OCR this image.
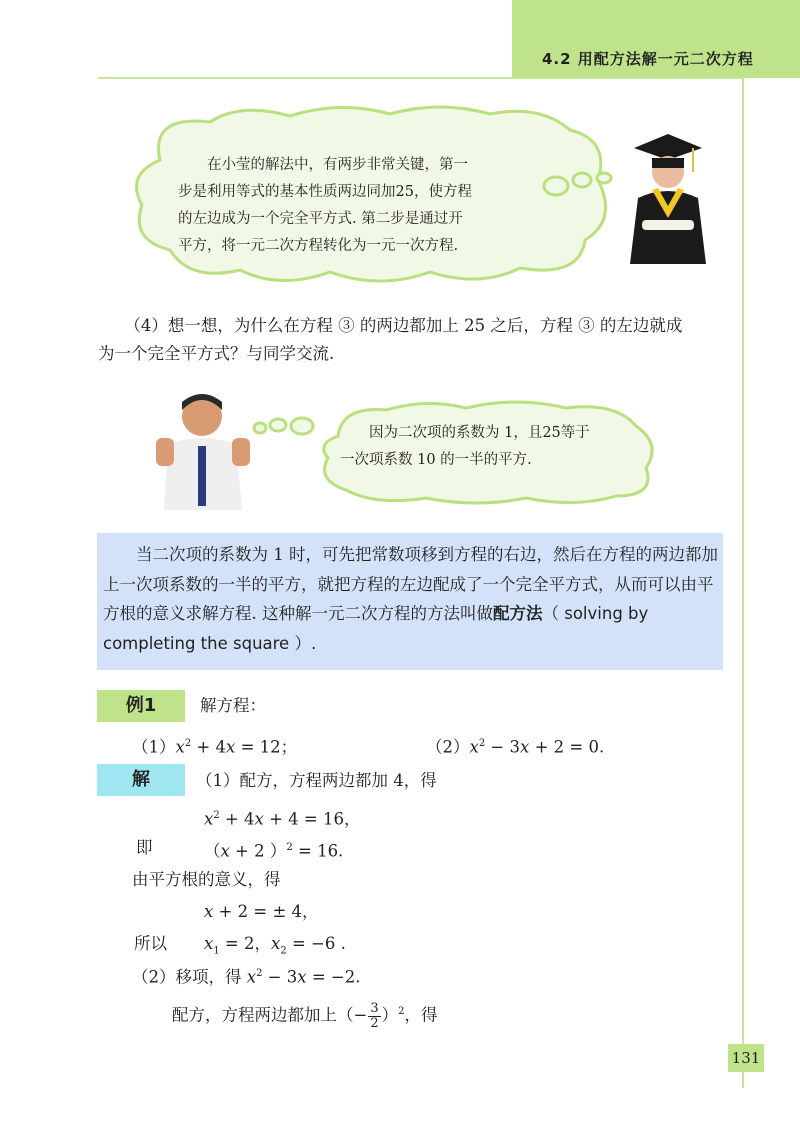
4.2 用配方法解一元二次方程
在小莹的解法中，有两步非常关键，第一
步是利用等式的基本性质两边同加25，使方程
的左边成为一个完全平方式. 第二步是通过开
平方，将一元二次方程转化为一元一次方程.
（4）想一想，为什么在方程 ③ 的两边都加上 25 之后，方程 ③ 的左边就成
为一个完全平方式？与同学交流.
因为二次项的系数为 1，且25等于
一次项系数 10 的一半的平方.
当二次项的系数为 1 时，可先把常数项移到方程的右边，然后在方程的两边都加上一次项系数的一半的平方，就把方程的左边配成了一个完全平方式，从而可以由平方根的意义求解方程. 这种解一元二次方程的方法叫做配方法（ solving by completing the square ）.
例1	解方程：
$(1)x^2 + 4x = 12$；	$(2)x^2 - 3x + 2 = 0$.
解	（1）配方，方程两边都加 4，得
$x^2 + 4x + 4 = 16$，
即	（x + 2 ）$^2$ = 16.
由平方根的意义，得
x + 2 = ± 4，
所以 $x_1 = 2$，$x_2 = -6$ .
（2）移项，得 $x^2 - 3x = -2$.
配方，方程两边都加上（− $\frac{3}{2} )^2$，得
131
